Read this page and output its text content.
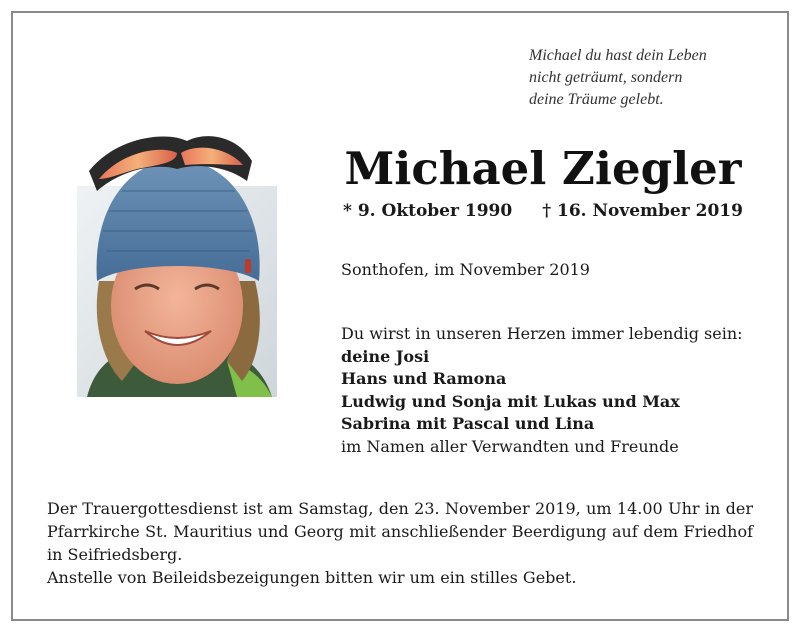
Michael du hast dein Leben
nicht geträumt, sondern
deine Träume gelebt.
Michael Ziegler
* 9. Oktober 1990 † 16. November 2019
Sonthofen, im November 2019
Du wirst in unseren Herzen immer lebendig sein:
deine Josi
Hans und Ramona
Ludwig und Sonja mit Lukas und Max
Sabrina mit Pascal und Lina
im Namen aller Verwandten und Freunde
Der Trauergottesdienst ist am Samstag, den 23. November 2019, um 14.00 Uhr in der Pfarrkirche St. Mauritius und Georg mit anschließender Beerdigung auf dem Friedhof in Seifriedsberg.
Anstelle von Beileidsbezeigungen bitten wir um ein stilles Gebet.
